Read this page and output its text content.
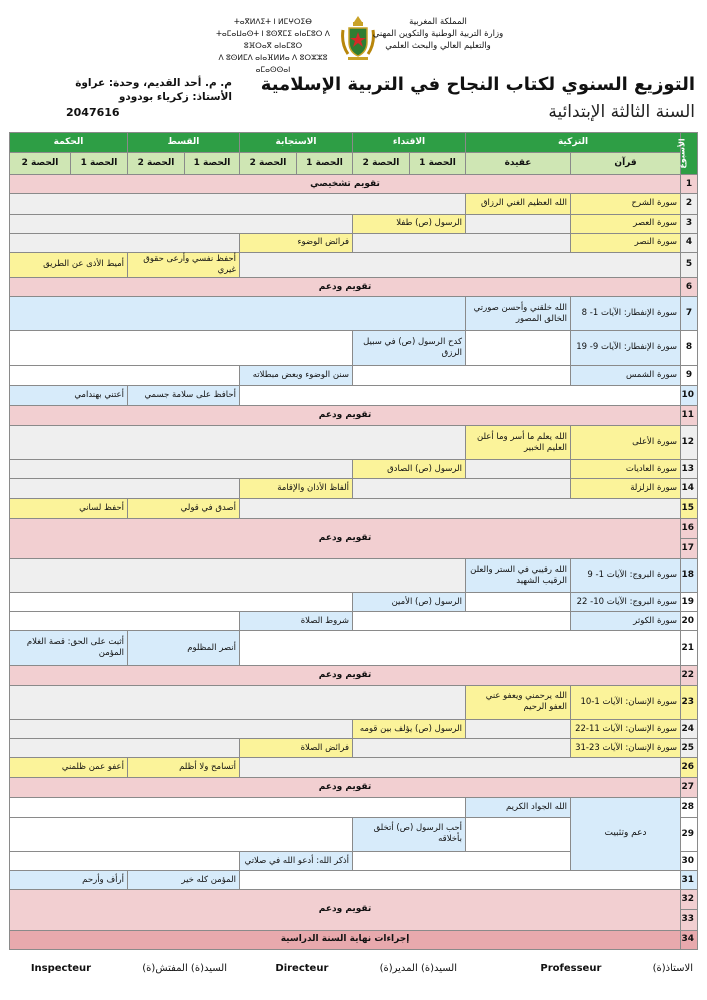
ⵜⴰⴳⵍⴷⵉⵜ ⵏ ⵍⵎⵖⵔⵉⴱ
ⵜⴰⵎⴰⵡⴰⵙⵜ ⵏ ⵓⵙⴳⵎⵉ ⴰⵏⴰⵎⵓⵔ ⴷ ⵓⴼⵔⴰⴳ ⴰⵏⴰⵎⵓⵔ
ⴷ ⵓⵙⵍⵎⴷ ⴰⵏⴰⴼⵍⵍⴰ ⴷ ⵓⵔⵣⵣⵓ ⴰⵎⴰⵙⵙⴰⵏ
المملكة المغربية
وزارة التربية الوطنية والتكوين المهني
والتعليم العالي والبحث العلمي
م. م. أحد القديم، وحدة: عراوة
الأستاذ: زكرياء بودودو
2047616
التوزيع السنوي لكتاب النجاح في التربية الإسلامية
السنة الثالثة الإبتدائية
الأسبوع	التزكية		الاقتداء		الاستجابة		القسط		الحكمة	
	قرآن	عقيدة	الحصة 1	الحصة 2	الحصة 1	الحصة 2	الحصة 1	الحصة 2	الحصة 1	الحصة 2
1	تقويم تشخيصي									
2	سورة الشرح	الله العظيم الغني الرزاق								
3	سورة العصر		الرسول (ص) طفلا							
4	سورة النصر				فرائض الوضوء					
5							أحفظ نفسي وأرعى حقوق غيري		أميط الأذى عن الطريق	
6	تقويم ودعم									
7	سورة الإنفطار: الآيات 1- 8	الله خلقني وأحسن صورتي الخالق المصور								
8	سورة الإنفطار: الآيات 9- 19		كدح الرسول (ص) في سبيل الرزق							
9	سورة الشمس				سنن الوضوء وبعض مبطلاته					
10							أحافظ على سلامة جسمي		أعتني بهندامي	
11	تقويم ودعم									
12	سورة الأعلى	الله يعلم ما أسر وما أعلن العليم الخبير								
13	سورة العاديات		الرسول (ص) الصادق							
14	سورة الزلزلة				ألفاظ الأذان والإقامة					
15							أصدق في قولي		أحفظ لساني	
16	تقويم ودعم									
17										
18	سورة البروج: الآيات 1- 9	الله رقيبي في الستر والعلن الرقيب الشهيد								
19	سورة البروج: الآيات 10- 22		الرسول (ص) الأمين							
20	سورة الكوثر				شروط الصلاة					
21							أنصر المظلوم		أثبت على الحق: قصة الغلام المؤمن	
22	تقويم ودعم									
23	سورة الإنسان: الآيات 1-10	الله يرحمني ويعفو عني العفو الرحيم								
24	سورة الإنسان: الآيات 11-22		الرسول (ص) يؤلف بين قومه							
25	سورة الإنسان: الآيات 23-31				فرائض الصلاة					
26							أتسامح ولا أظلم		أعفو عمن ظلمني	
27	تقويم ودعم									
28	دعم وتثبيت	الله الجواد الكريم								
29			أحب الرسول (ص) أتخلق بأخلاقه							
30					أذكر الله: أدعو الله في صلاتي					
31							المؤمن كله خير		أرأف وأرحم	
32	تقويم ودعم									
33										
34	إجراءات نهاية السنة الدراسية									
الاستاذ(ة) Professeur
السيد(ة) المدير(ة) Directeur
السيد(ة) المفتش(ة) Inspecteur
